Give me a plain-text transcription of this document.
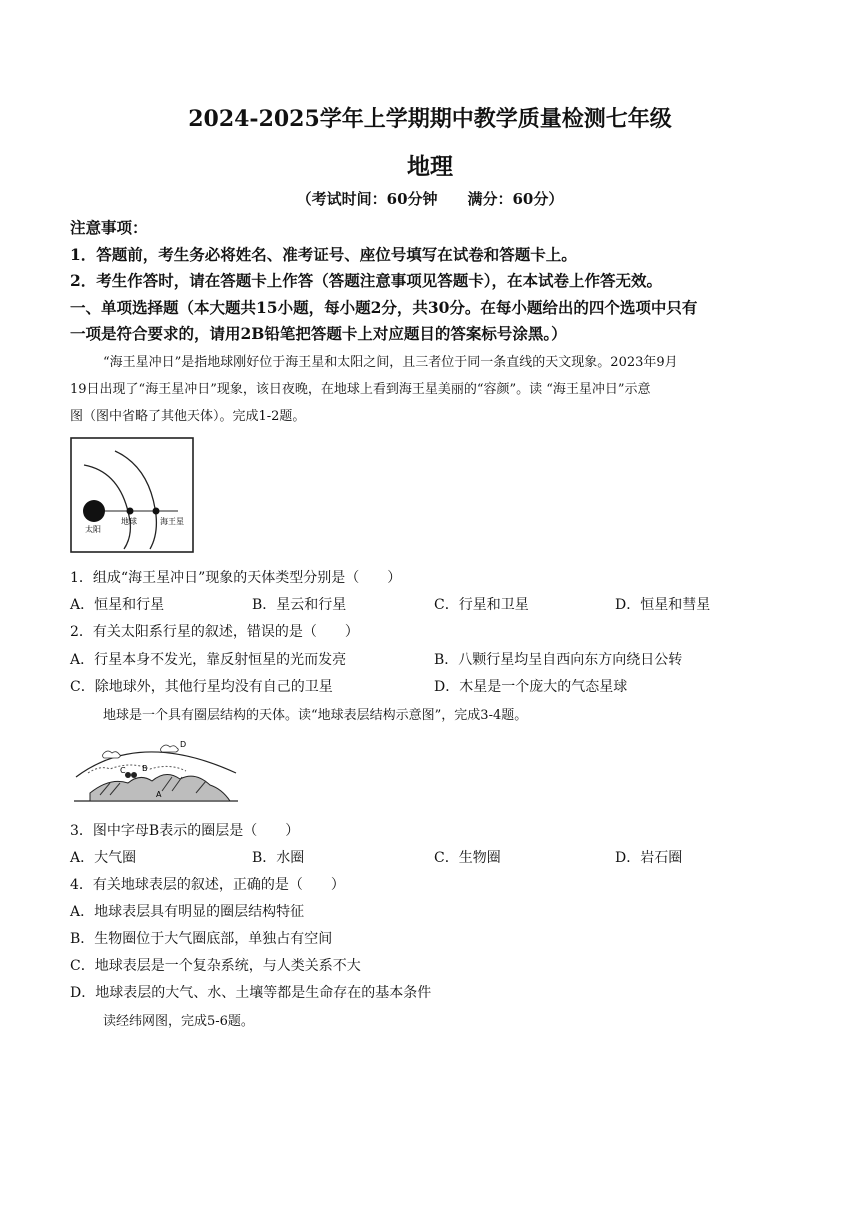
2024-2025学年上学期期中教学质量检测七年级
地理
（考试时间：60分钟　　满分：60分）
注意事项：
1．答题前，考生务必将姓名、准考证号、座位号填写在试卷和答题卡上。
2．考生作答时，请在答题卡上作答（答题注意事项见答题卡），在本试卷上作答无效。
一、单项选择题（本大题共15小题，每小题2分，共30分。在每小题给出的四个选项中只有
一项是符合要求的，请用2B铅笔把答题卡上对应题目的答案标号涂黑。）
“海王星冲日”是指地球刚好位于海王星和太阳之间，且三者位于同一条直线的天文现象。2023年9月
19日出现了“海王星冲日”现象，该日夜晚，在地球上看到海王星美丽的“容颜”。读 “海王星冲日”示意
图（图中省略了其他天体）。完成1-2题。
太阳
地球	海王星
1．组成“海王星冲日”现象的天体类型分别是（　　）
A．恒星和行星	B．星云和行星	C．行星和卫星	D．恒星和彗星
2．有关太阳系行星的叙述，错误的是（　　）
A．行星本身不发光，靠反射恒星的光而发亮	B．八颗行星均呈自西向东方向绕日公转
C．除地球外，其他行星均没有自己的卫星	D．木星是一个庞大的气态星球
地球是一个具有圈层结构的天体。读“地球表层结构示意图”，完成3-4题。
A
B
C
D
3．图中字母B表示的圈层是（　　）
A．大气圈	B．水圈	C．生物圈	D．岩石圈
4．有关地球表层的叙述，正确的是（　　）
A．地球表层具有明显的圈层结构特征
B．生物圈位于大气圈底部，单独占有空间
C．地球表层是一个复杂系统，与人类关系不大
D．地球表层的大气、水、土壤等都是生命存在的基本条件
读经纬网图，完成5-6题。
